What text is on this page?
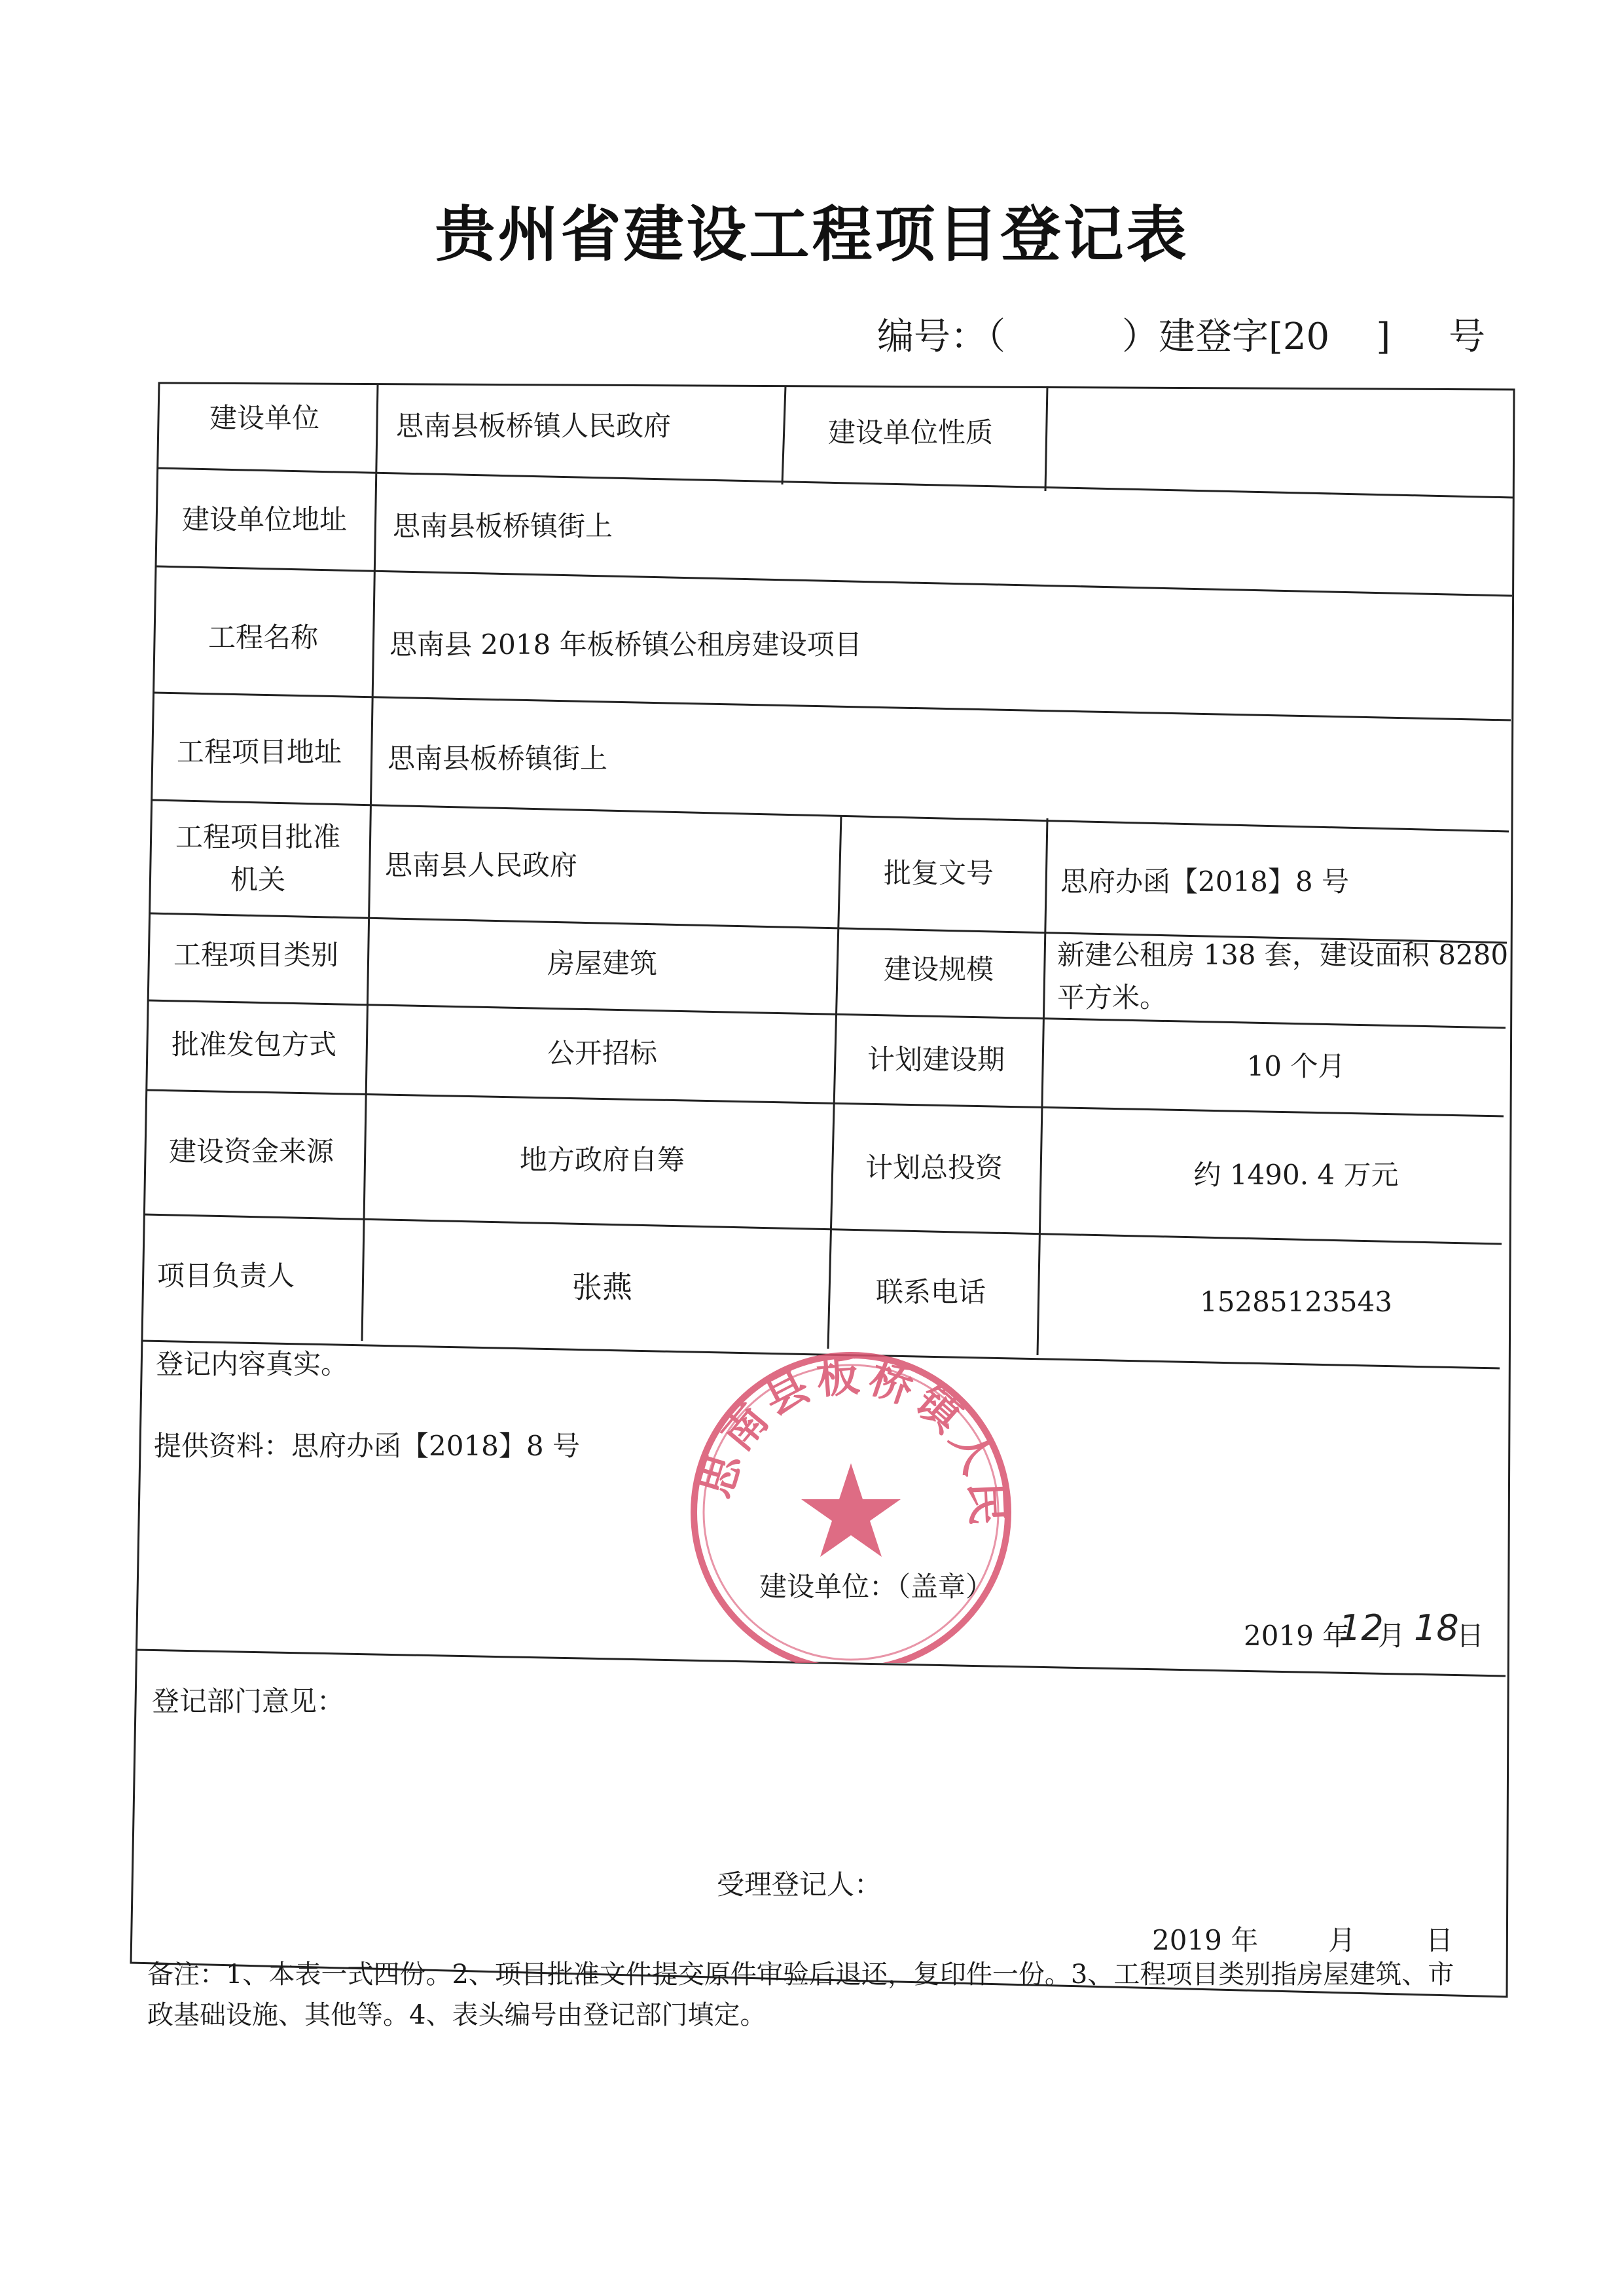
贵州省建设工程项目登记表
编号：（          ）建登字[20    ]     号
建设单位	思南县板桥镇人民政府	建设单位性质
建设单位地址 思南县板桥镇街上
工程名称	思南县 2018 年板桥镇公租房建设项目
工程项目地址 思南县板桥镇街上
工程项目批准
机关	思南县人民政府	批复文号 思府办函【2018】8 号
工程项目类别	房屋建筑	建设规模 新建公租房 138 套，建设面积 8280
平方米。
批准发包方式	公开招标	计划建设期	10 个月
建设资金来源	地方政府自筹	计划总投资	约 1490. 4 万元
项目负责人	张燕	联系电话	15285123543
登记内容真实。
提供资料：思府办函【2018】8 号	思南县板桥镇人民
建设单位：（盖章）
2019 年
12
月 18
日
登记部门意见：
受理登记人：
2019 年        月        日
备注：1、本表一式四份。2、项目批准文件提交原件审验后退还，复印件一份。3、工程项目类别指房屋建筑、市政基础设施、其他等。4、表头编号由登记部门填定。
